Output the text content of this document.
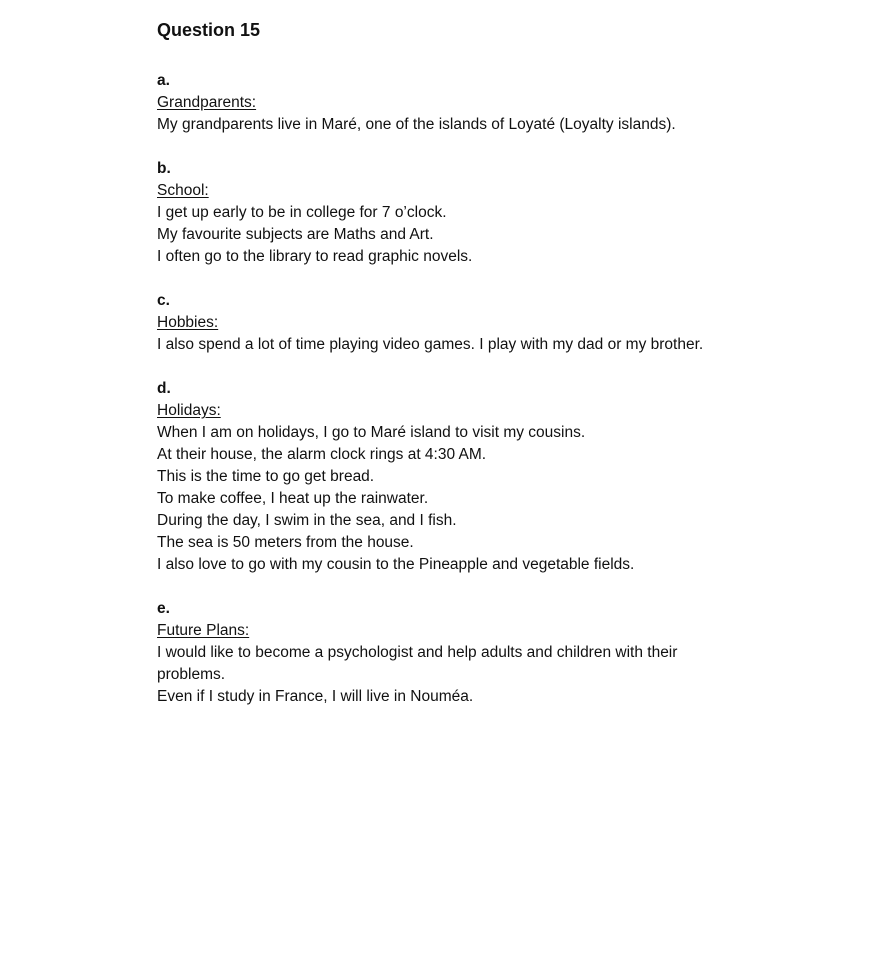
Question 15
a.
Grandparents:
My grandparents live in Maré, one of the islands of Loyaté (Loyalty islands).
b.
School:
I get up early to be in college for 7 o’clock.
My favourite subjects are Maths and Art.
I often go to the library to read graphic novels.
c.
Hobbies:
I also spend a lot of time playing video games. I play with my dad or my brother.
d.
Holidays:
When I am on holidays, I go to Maré island to visit my cousins.
At their house, the alarm clock rings at 4:30 AM.
This is the time to go get bread.
To make coffee, I heat up the rainwater.
During the day, I swim in the sea, and I fish.
The sea is 50 meters from the house.
I also love to go with my cousin to the Pineapple and vegetable fields.
e.
Future Plans:
I would like to become a psychologist and help adults and children with their problems.
Even if I study in France, I will live in Nouméa.
